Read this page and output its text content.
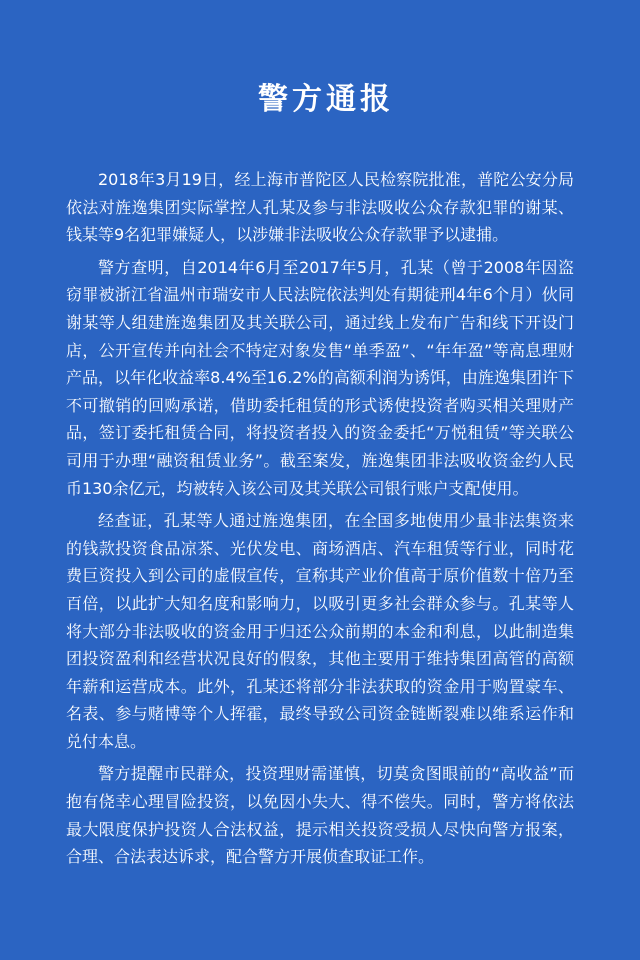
警方通报

2018年3月19日，经上海市普陀区人民检察院批准，普陀公安分局依法对旌逸集团实际掌控人孔某及参与非法吸收公众存款犯罪的谢某、钱某等9名犯罪嫌疑人，以涉嫌非法吸收公众存款罪予以逮捕。

警方查明，自2014年6月至2017年5月，孔某（曾于2008年因盗窃罪被浙江省温州市瑞安市人民法院依法判处有期徒刑4年6个月）伙同谢某等人组建旌逸集团及其关联公司，通过线上发布广告和线下开设门店，公开宣传并向社会不特定对象发售“单季盈”、“年年盈”等高息理财产品，以年化收益率8.4%至16.2%的高额利润为诱饵，由旌逸集团许下不可撤销的回购承诺，借助委托租赁的形式诱使投资者购买相关理财产品，签订委托租赁合同，将投资者投入的资金委托“万悦租赁”等关联公司用于办理“融资租赁业务”。截至案发，旌逸集团非法吸收资金约人民币130余亿元，均被转入该公司及其关联公司银行账户支配使用。

经查证，孔某等人通过旌逸集团，在全国多地使用少量非法集资来的钱款投资食品凉茶、光伏发电、商场酒店、汽车租赁等行业，同时花费巨资投入到公司的虚假宣传，宣称其产业价值高于原价值数十倍乃至百倍，以此扩大知名度和影响力，以吸引更多社会群众参与。孔某等人将大部分非法吸收的资金用于归还公众前期的本金和利息，以此制造集团投资盈利和经营状况良好的假象，其他主要用于维持集团高管的高额年薪和运营成本。此外，孔某还将部分非法获取的资金用于购置豪车、名表、参与赌博等个人挥霍，最终导致公司资金链断裂难以维系运作和兑付本息。

警方提醒市民群众，投资理财需谨慎，切莫贪图眼前的“高收益”而抱有侥幸心理冒险投资，以免因小失大、得不偿失。同时，警方将依法最大限度保护投资人合法权益，提示相关投资受损人尽快向警方报案，合理、合法表达诉求，配合警方开展侦查取证工作。
